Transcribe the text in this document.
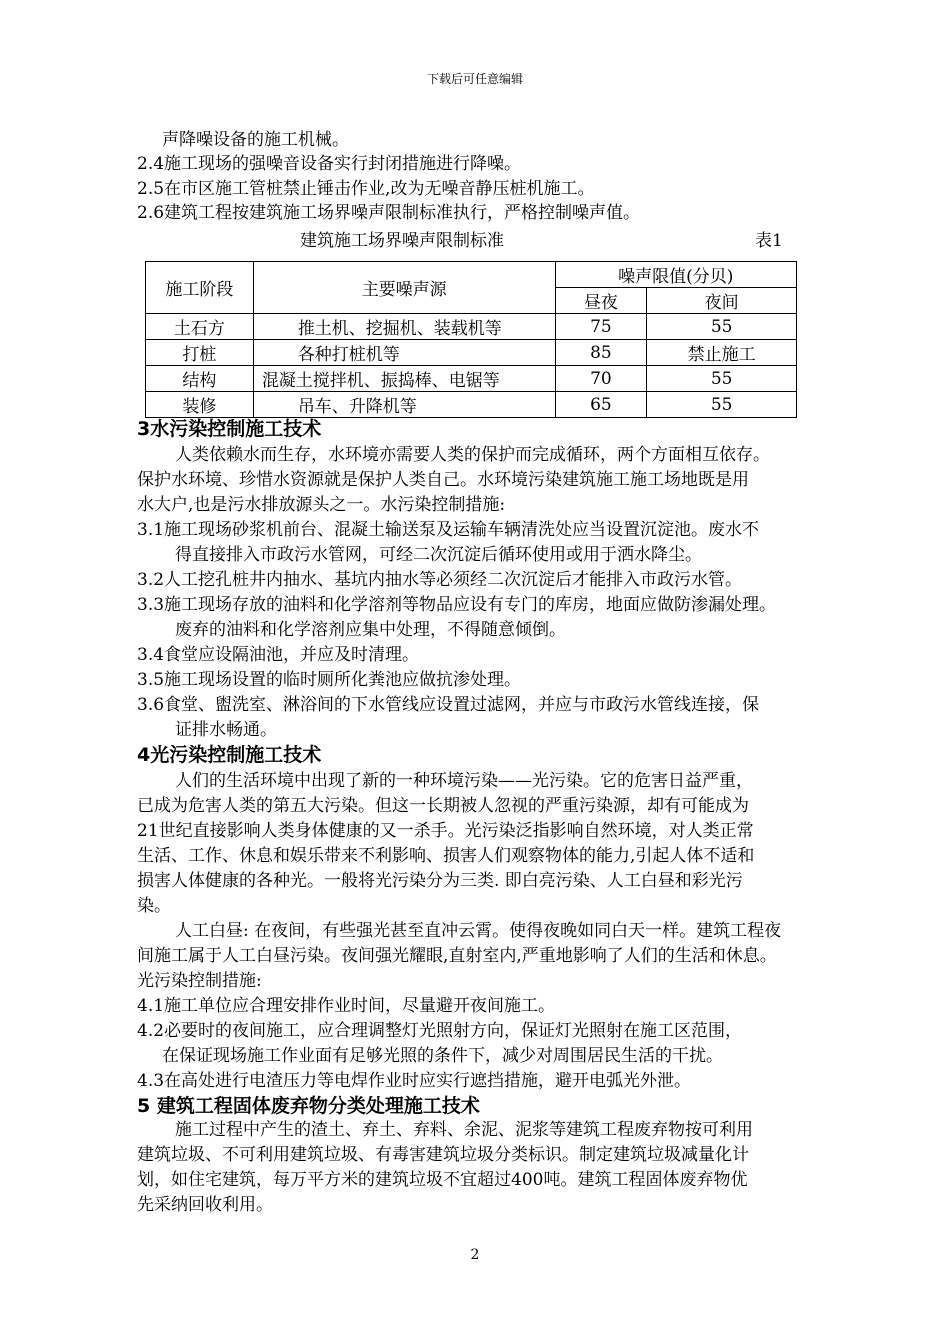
下载后可任意编辑
声降噪设备的施工机械。
2.4施工现场的强噪音设备实行封闭措施进行降噪。
2.5在市区施工管桩禁止锤击作业,改为无噪音静压桩机施工。
2.6建筑工程按建筑施工场界噪声限制标准执行，严格控制噪声值。
建筑施工场界噪声限制标准	表1
施工阶段	主要噪声源	噪声限值(分贝)	
		昼夜	夜间
土石方	推土机、挖掘机、装载机等	75	55
打桩	各种打桩机等	85	禁止施工
结构	混凝土搅拌机、振捣棒、电锯等	70	55
装修	吊车、升降机等	65	55
3水污染控制施工技术
人类依赖水而生存，水环境亦需要人类的保护而完成循环，两个方面相互依存。
保护水环境、珍惜水资源就是保护人类自己。水环境污染建筑施工施工场地既是用
水大户,也是污水排放源头之一。水污染控制措施:
3.1施工现场砂浆机前台、混凝土输送泵及运输车辆清洗处应当设置沉淀池。废水不
得直接排入市政污水管网，可经二次沉淀后循环使用或用于洒水降尘。
3.2人工挖孔桩井内抽水、基坑内抽水等必须经二次沉淀后才能排入市政污水管。
3.3施工现场存放的油料和化学溶剂等物品应设有专门的库房，地面应做防渗漏处理。
废弃的油料和化学溶剂应集中处理，不得随意倾倒。
3.4食堂应设隔油池，并应及时清理。
3.5施工现场设置的临时厕所化粪池应做抗渗处理。
3.6食堂、盥洗室、淋浴间的下水管线应设置过滤网，并应与市政污水管线连接，保
证排水畅通。
4光污染控制施工技术
人们的生活环境中出现了新的一种环境污染——光污染。它的危害日益严重，
已成为危害人类的第五大污染。但这一长期被人忽视的严重污染源，却有可能成为
21世纪直接影响人类身体健康的又一杀手。光污染泛指影响自然环境，对人类正常
生活、工作、休息和娱乐带来不利影响、损害人们观察物体的能力,引起人体不适和
损害人体健康的各种光。一般将光污染分为三类. 即白亮污染、人工白昼和彩光污
染。
人工白昼: 在夜间，有些强光甚至直冲云霄。使得夜晚如同白天一样。建筑工程夜
间施工属于人工白昼污染。夜间强光耀眼,直射室内,严重地影响了人们的生活和休息。
光污染控制措施:
4.1施工单位应合理安排作业时间，尽量避开夜间施工。
4.2必要时的夜间施工，应合理调整灯光照射方向，保证灯光照射在施工区范围，
在保证现场施工作业面有足够光照的条件下，减少对周围居民生活的干扰。
4.3在高处进行电渣压力等电焊作业时应实行遮挡措施，避开电弧光外泄。
5 建筑工程固体废弃物分类处理施工技术
施工过程中产生的渣土、弃土、弃料、余泥、泥浆等建筑工程废弃物按可利用
建筑垃圾、不可利用建筑垃圾、有毒害建筑垃圾分类标识。制定建筑垃圾减量化计
划，如住宅建筑，每万平方米的建筑垃圾不宜超过400吨。建筑工程固体废弃物优
先采纳回收利用。
2
